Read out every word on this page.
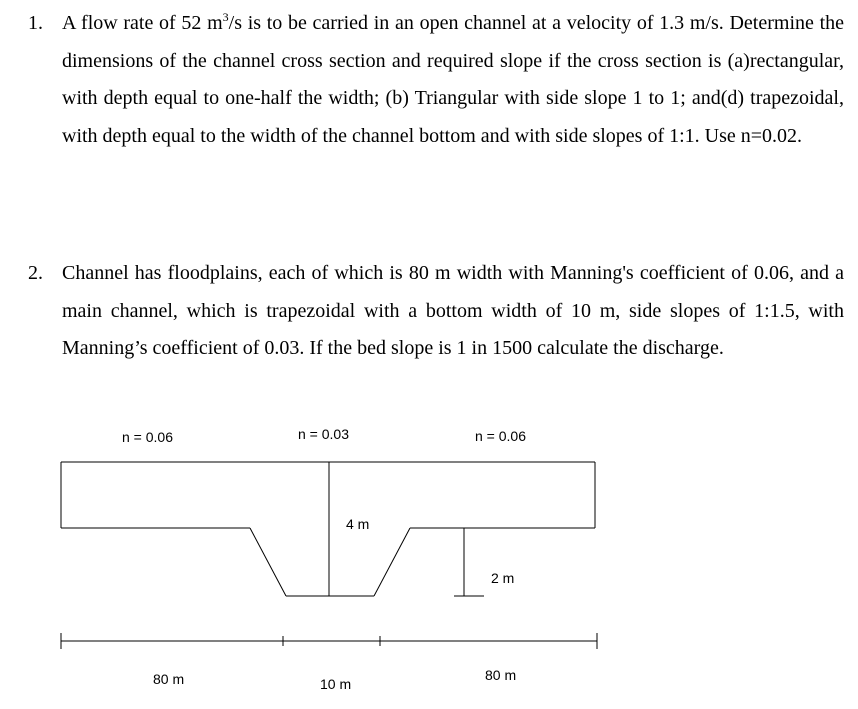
1. A flow rate of 52 $m^3/s$ is to be carried in an open channel at a velocity of 1.3 m/s. Determine the dimensions of the channel cross section and required slope if the cross section is (a)rectangular, with depth equal to one-half the width; (b) Triangular with side slope 1 to 1; and(d) trapezoidal, with depth equal to the width of the channel bottom and with side slopes of 1:1. Use n=0.02.
2. Channel has floodplains, each of which is 80 m width with Manning's coefficient of 0.06, and a main channel, which is trapezoidal with a bottom width of 10 m, side slopes of 1:1.5, with Manning’s coefficient of 0.03. If the bed slope is 1 in 1500 calculate the discharge.
n = 0.06	n = 0.03	n = 0.06
4 m
2 m
80 m	10 m
80 m
